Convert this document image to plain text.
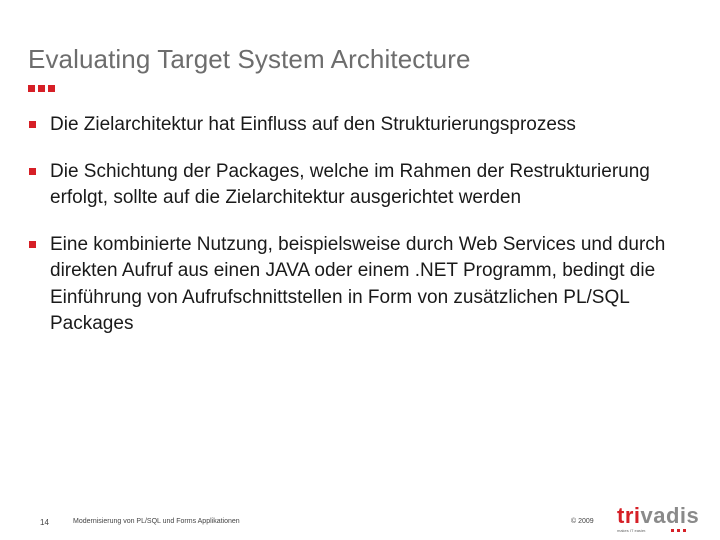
Evaluating Target System Architecture
Die Zielarchitektur hat Einfluss auf den Strukturierungsprozess
Die Schichtung der Packages, welche im Rahmen der Restrukturierung erfolgt, sollte auf die Zielarchitektur ausgerichtet werden
Eine kombinierte Nutzung, beispielsweise durch Web Services und durch direkten Aufruf aus einen JAVA oder einem .NET Programm, bedingt die Einführung von Aufrufschnittstellen in Form von zusätzlichen PL/SQL Packages
14	Modernisierung von PL/SQL und Forms Applikationen	© 2009 trivadis
makes IT easier.
